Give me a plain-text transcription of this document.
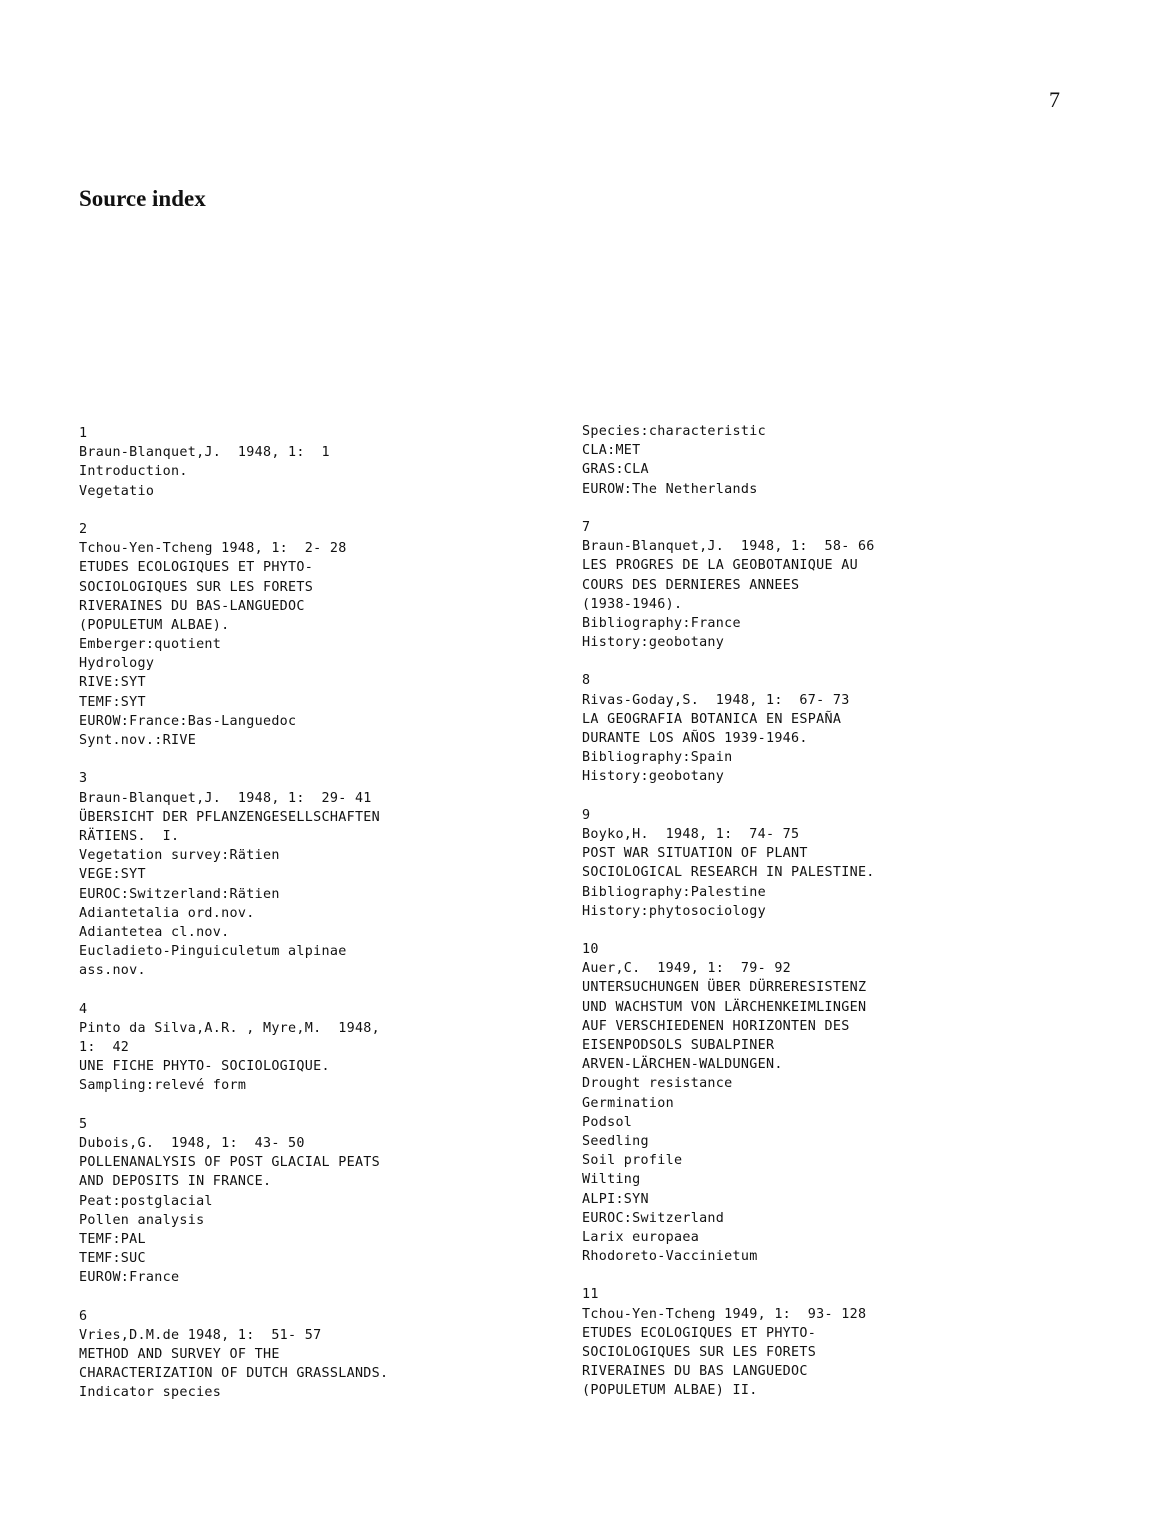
7
Source index
1
Braun-Blanquet,J.  1948, 1:  1
Introduction.
Vegetatio
2
Tchou-Yen-Tcheng 1948, 1:  2- 28
ETUDES ECOLOGIQUES ET PHYTO-
SOCIOLOGIQUES SUR LES FORETS
RIVERAINES DU BAS-LANGUEDOC
(POPULETUM ALBAE).
Emberger:quotient
Hydrology
RIVE:SYT
TEMF:SYT
EUROW:France:Bas-Languedoc
Synt.nov.:RIVE
3
Braun-Blanquet,J.  1948, 1:  29- 41
ÜBERSICHT DER PFLANZENGESELLSCHAFTEN
RÄTIENS.  I.
Vegetation survey:Rätien
VEGE:SYT
EUROC:Switzerland:Rätien
Adiantetalia ord.nov.
Adiantetea cl.nov.
Eucladieto-Pinguiculetum alpinae
ass.nov.
4
Pinto da Silva,A.R. , Myre,M.  1948,
1:  42
UNE FICHE PHYTO- SOCIOLOGIQUE.
Sampling:relevé form
5
Dubois,G.  1948, 1:  43- 50
POLLENANALYSIS OF POST GLACIAL PEATS
AND DEPOSITS IN FRANCE.
Peat:postglacial
Pollen analysis
TEMF:PAL
TEMF:SUC
EUROW:France
6
Vries,D.M.de 1948, 1:  51- 57
METHOD AND SURVEY OF THE
CHARACTERIZATION OF DUTCH GRASSLANDS.
Indicator species
Species:characteristic
CLA:MET
GRAS:CLA
EUROW:The Netherlands
7
Braun-Blanquet,J.  1948, 1:  58- 66
LES PROGRES DE LA GEOBOTANIQUE AU
COURS DES DERNIERES ANNEES
(1938-1946).
Bibliography:France
History:geobotany
8
Rivas-Goday,S.  1948, 1:  67- 73
LA GEOGRAFIA BOTANICA EN ESPAÑA
DURANTE LOS AÑOS 1939-1946.
Bibliography:Spain
History:geobotany
9
Boyko,H.  1948, 1:  74- 75
POST WAR SITUATION OF PLANT
SOCIOLOGICAL RESEARCH IN PALESTINE.
Bibliography:Palestine
History:phytosociology
10
Auer,C.  1949, 1:  79- 92
UNTERSUCHUNGEN ÜBER DÜRRERESISTENZ
UND WACHSTUM VON LÄRCHENKEIMLINGEN
AUF VERSCHIEDENEN HORIZONTEN DES
EISENPODSOLS SUBALPINER
ARVEN-LÄRCHEN-WALDUNGEN.
Drought resistance
Germination
Podsol
Seedling
Soil profile
Wilting
ALPI:SYN
EUROC:Switzerland
Larix europaea
Rhodoreto-Vaccinietum
11
Tchou-Yen-Tcheng 1949, 1:  93- 128
ETUDES ECOLOGIQUES ET PHYTO-
SOCIOLOGIQUES SUR LES FORETS
RIVERAINES DU BAS LANGUEDOC
(POPULETUM ALBAE) II.
